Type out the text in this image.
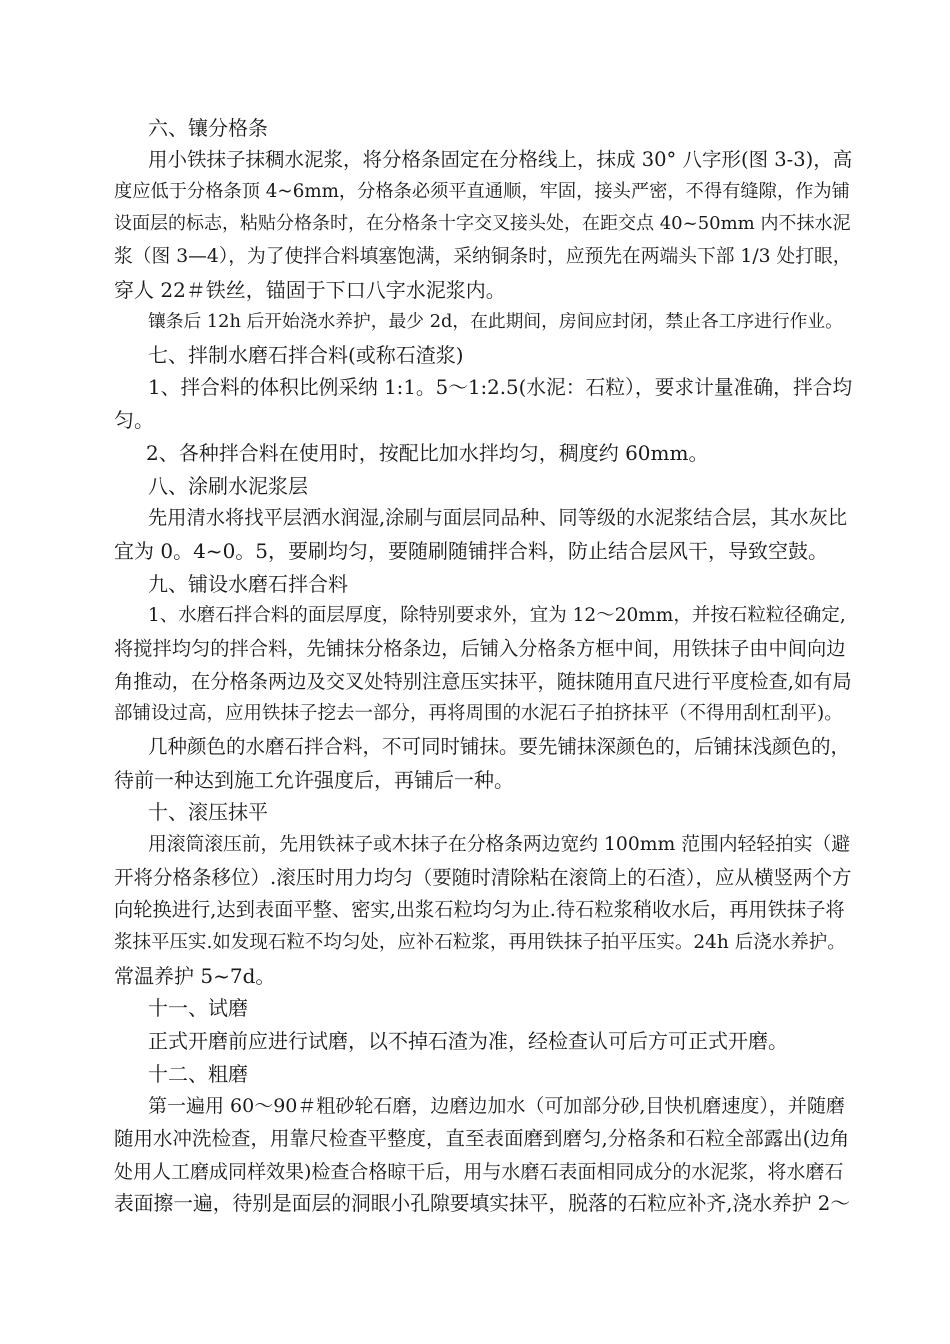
六、镶分格条

用小铁抹子抹稠水泥浆，将分格条固定在分格线上，抹成 30° 八字形(图 3-3)，高

度应低于分格条顶 4~6mm，分格条必须平直通顺，牢固，接头严密，不得有缝隙，作为铺

设面层的标志，粘贴分格条时，在分格条十字交叉接头处，在距交点 40~50mm 内不抹水泥

浆（图 3—4），为了使拌合料填塞饱满，采纳铜条时，应预先在两端头下部 1/3 处打眼，

穿人 22＃铁丝，锚固于下口八字水泥浆内。

镶条后 12h 后开始浇水养护，最少 2d，在此期间，房间应封闭，禁止各工序进行作业。

七、拌制水磨石拌合料(或称石渣浆)

1、拌合料的体积比例采纳 1:1。5～1:2.5(水泥：石粒），要求计量准确，拌合均

匀。

2、各种拌合料在使用时，按配比加水拌均匀，稠度约 60mm。

八、涂刷水泥浆层

先用清水将找平层洒水润湿,涂刷与面层同品种、同等级的水泥浆结合层，其水灰比

宜为 0。4~0。5，要刷均匀，要随刷随铺拌合料，防止结合层风干，导致空鼓。

九、铺设水磨石拌合料

1、水磨石拌合料的面层厚度，除特别要求外，宜为 12～20mm，并按石粒粒径确定,

将搅拌均匀的拌合料，先铺抹分格条边，后铺入分格条方框中间，用铁抹子由中间向边

角推动，在分格条两边及交叉处特别注意压实抹平，随抹随用直尺进行平度检查,如有局

部铺设过高，应用铁抹子挖去一部分，再将周围的水泥石子拍挤抹平（不得用刮杠刮平)。

几种颜色的水磨石拌合料，不可同时铺抹。要先铺抹深颜色的，后铺抹浅颜色的，

待前一种达到施工允许强度后，再铺后一种。

十、滚压抹平

用滚筒滚压前，先用铁袜子或木抹子在分格条两边宽约 100mm 范围内轻轻拍实（避

开将分格条移位）.滚压时用力均匀（要随时清除粘在滚筒上的石渣），应从横竖两个方

向轮换进行,达到表面平整、密实,出浆石粒均匀为止.待石粒浆稍收水后，再用铁抹子将

浆抹平压实.如发现石粒不均匀处，应补石粒浆，再用铁抹子拍平压实。24h 后浇水养护。

常温养护 5~7d。

十一、试磨

正式开磨前应进行试磨，以不掉石渣为准，经检查认可后方可正式开磨。

十二、粗磨

第一遍用 60～90＃粗砂轮石磨，边磨边加水（可加部分砂,目快机磨速度），并随磨

随用水冲洗检查，用靠尺检查平整度，直至表面磨到磨匀,分格条和石粒全部露出(边角

处用人工磨成同样效果)检查合格晾干后，用与水磨石表面相同成分的水泥浆，将水磨石

表面擦一遍，待别是面层的洞眼小孔隙要填实抹平，脱落的石粒应补齐,浇水养护 2～
